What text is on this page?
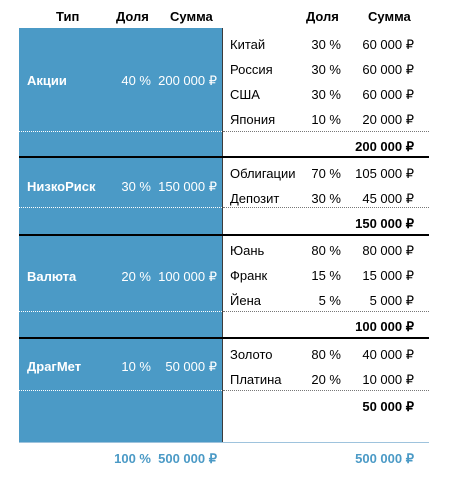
Тип	Доля Сумма	Доля Сумма
Акции	40 % 200 000 ₽
Китай	30 %	60 000 ₽
Россия	30 %	60 000 ₽
США	30 %	60 000 ₽
Япония	10 %	20 000 ₽
200 000 ₽
НизкоРиск	30 % 150 000 ₽
Облигации	70 %	105 000 ₽
Депозит	30 %	45 000 ₽
150 000 ₽
Валюта	20 % 100 000 ₽
Юань	80 %	80 000 ₽
Франк	15 %	15 000 ₽
Йена	5 %	5 000 ₽
100 000 ₽
ДрагМет	10 %	50 000 ₽
Золото	80 %	40 000 ₽
Платина	20 %	10 000 ₽
50 000 ₽
100 % 500 000 ₽	500 000 ₽
